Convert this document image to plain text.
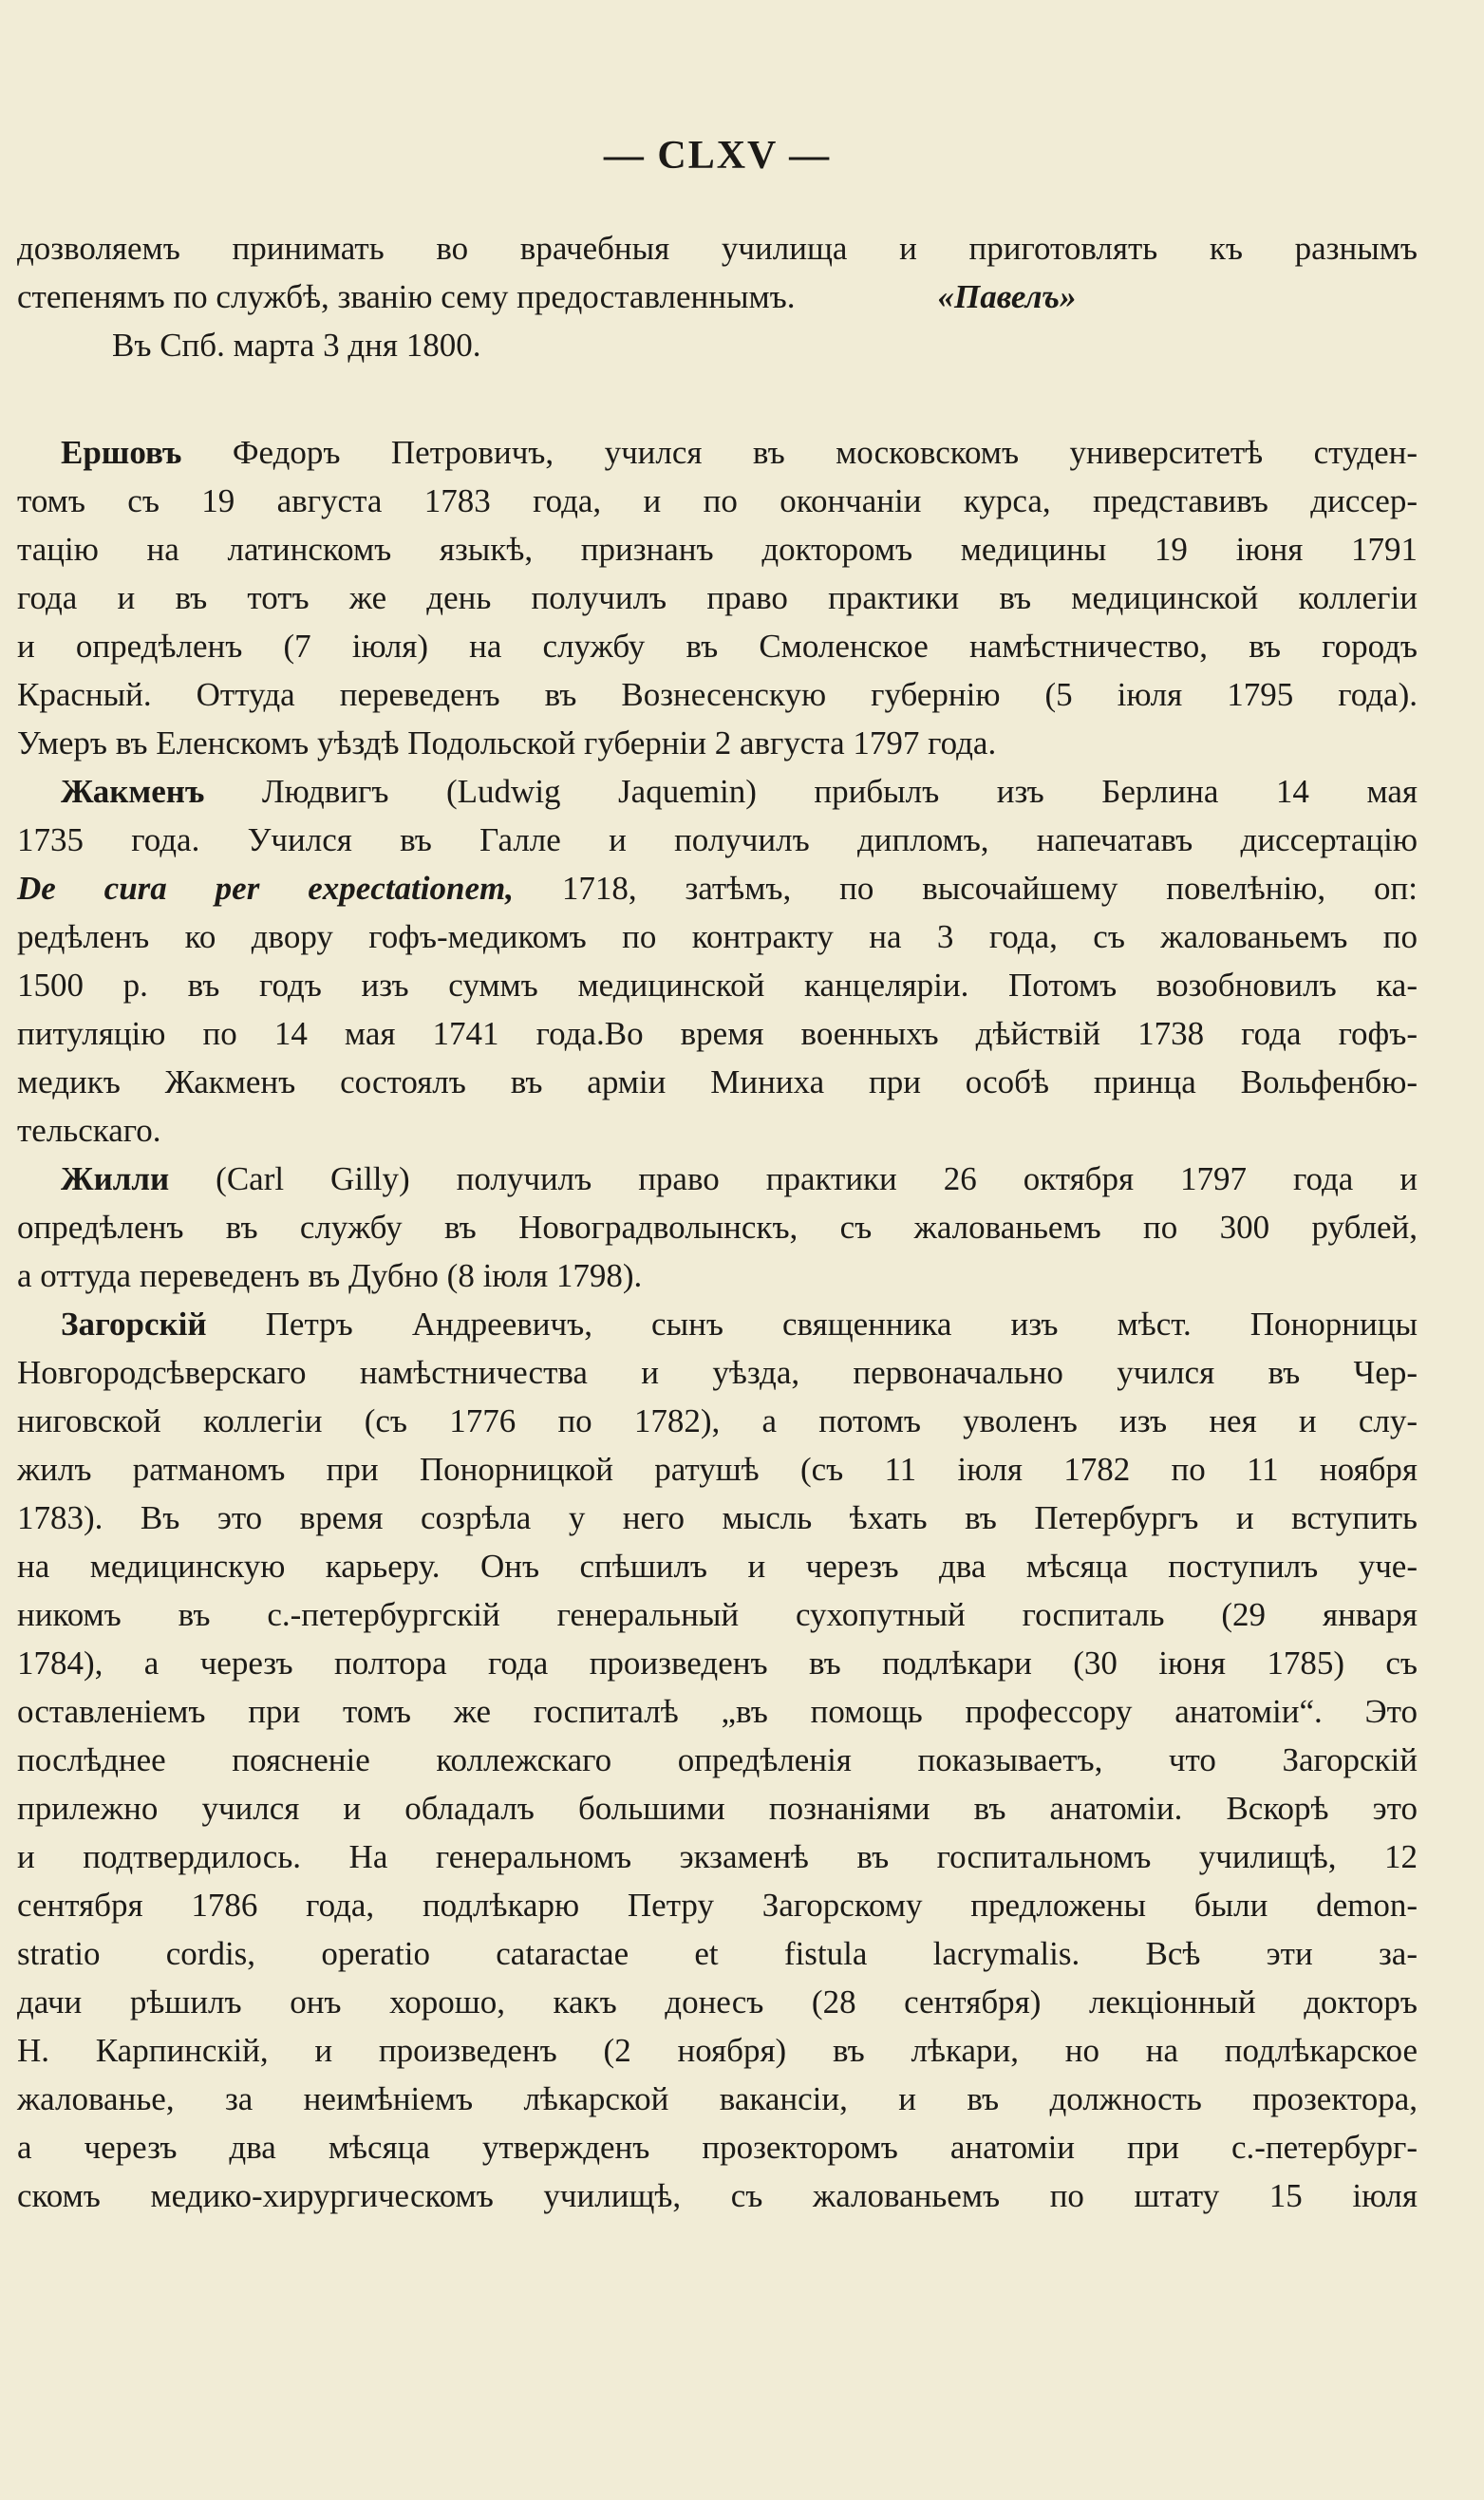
— CLXV —
дозволяемъ принимать во врачебныя училища и приготовлять къ разнымъ
степенямъ по службѣ, званію сему предоставленнымъ.	«Павелъ»
Въ Спб. марта 3 дня 1800.
Ершовъ Федоръ Петровичъ, учился въ московскомъ университетѣ студен-
томъ съ 19 августа 1783 года, и по окончаніи курса, представивъ диссер-
тацію на латинскомъ языкѣ, признанъ докторомъ медицины 19 іюня 1791
года и въ тотъ же день получилъ право практики въ медицинской коллегіи
и опредѣленъ (7 іюля) на службу въ Смоленское намѣстничество, въ городъ
Красный. Оттуда переведенъ въ Вознесенскую губернію (5 іюля 1795 года).
Умеръ въ Еленскомъ уѣздѣ Подольской губерніи 2 августа 1797 года.
Жакменъ Людвигъ (Ludwig Jaquemin) прибылъ изъ Берлина 14 мая
1735 года. Учился въ Галле и получилъ дипломъ, напечатавъ диссертацію
De cura per expectationem, 1718, затѣмъ, по высочайшему повелѣнію, оп:
редѣленъ ко двору гофъ-медикомъ по контракту на 3 года, съ жалованьемъ по
1500 р. въ годъ изъ суммъ медицинской канцеляріи. Потомъ возобновилъ ка-
питуляцію по 14 мая 1741 года.Во время военныхъ дѣйствій 1738 года гофъ-
медикъ Жакменъ состоялъ въ арміи Миниха при особѣ принца Вольфенбю-
тельскаго.
Жилли (Carl Gilly) получилъ право практики 26 октября 1797 года и
опредѣленъ въ службу въ Новоградволынскъ, съ жалованьемъ по 300 рублей,
а оттуда переведенъ въ Дубно (8 іюля 1798).
Загорскій Петръ Андреевичъ, сынъ священника изъ мѣст. Понорницы
Новгородсѣверскаго намѣстничества и уѣзда, первоначально учился въ Чер-
ниговской коллегіи (съ 1776 по 1782), а потомъ уволенъ изъ нея и слу-
жилъ ратманомъ при Понорницкой ратушѣ (съ 11 іюля 1782 по 11 ноября
1783). Въ это время созрѣла у него мысль ѣхать въ Петербургъ и вступить
на медицинскую карьеру. Онъ спѣшилъ и черезъ два мѣсяца поступилъ уче-
никомъ въ с.-петербургскій генеральный сухопутный госпиталь (29 января
1784), а черезъ полтора года произведенъ въ подлѣкари (30 іюня 1785) съ
оставленіемъ при томъ же госпиталѣ „въ помощь профессору анатоміи“. Это
послѣднее поясненіе коллежскаго опредѣленія показываетъ, что Загорскій
прилежно учился и обладалъ большими познаніями въ анатоміи. Вскорѣ это
и подтвердилось. На генеральномъ экзаменѣ въ госпитальномъ училищѣ, 12
сентября 1786 года, подлѣкарю Петру Загорскому предложены были demon-
stratio cordis, operatio cataractae et fistula lacrymalis. Всѣ эти за-
дачи рѣшилъ онъ хорошо, какъ донесъ (28 сентября) лекціонный докторъ
Н. Карпинскій, и произведенъ (2 ноября) въ лѣкари, но на подлѣкарское
жалованье, за неимѣніемъ лѣкарской вакансіи, и въ должность прозектора,
а черезъ два мѣсяца утвержденъ прозекторомъ анатоміи при с.-петербург-
скомъ медико-хирургическомъ училищѣ, съ жалованьемъ по штату 15 іюля
